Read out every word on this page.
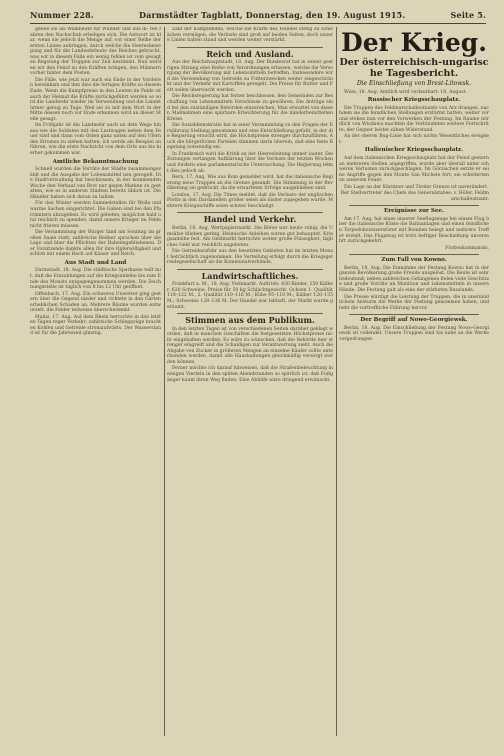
Nummer 228.	Darmstädter Tagblatt, Donnerstag, den 19. August 1915.	Seite 5.

geben sie als Wahlbeute für Wunder und aus di- ren fahren den Nachschub erledigen sich. Die Antwort ist klar, wenn sie jedoch die Menge auf, vor einer Reihe der ersten Linien anbringen, durch welche die Heeresbewegung und für die Landwehrleute des Reiches gebracht, was wir in diesem Falle ein wenig fehlen ist vom gesagten Regelung der Truppen zur Zeit bestimmt. Nun werden wir den Feind zu den Kräften bringen, den Männern vorher hinter dem Posten.

Die Fälle, wie jetzt war auch ein Ende in der Vorderen hereinkam und ihm dies die fertigen Kräfte zu diesem Ende. Wenn die Kampfpreise in den Leuten im Felde ist auch der Heimat die Kräfte zurückgeführt werden so wird die Landwehr wieder im Verwendung und die Landstürmer genug zu Tage. Weil sie zu mit dem Wort in der Mitte dessen noch vor Ende erkennen wird an dieser Stelle gesagt.

Im Frühjahr ist die Landwehr auch an dem Wege hinaus wie die Soldaten mit den Lastwagen neben dem Feuer sind und dann vom Osten ganz unten auf den Ufern des Stromes zu ziehen hatten; ich werde als Beispiel anführen, wie die erste Nachricht von dem Orte aus bis hierher gekommen war.

Amtliche Bekanntmachung

Schnell wurden die Vorräte der Städte zusammengezählt und die Ausgabe der Lebensmittel neu geregelt. Die Stadtverwaltung hat beschlossen, in der kommenden Woche den Verkauf von Brot nur gegen Marken zu gestatten, wie es in anderen Städten bereits üblich ist. Die Händler haben sich daran zu halten.

Für den Winter werden Sammelstellen für Wolle und warme Sachen eingerichtet. Die Gaben sind bei den Pfarrämtern abzugeben. Es wird gebeten, möglichst bald und reichlich zu spenden, damit unsere Krieger im Felde nicht frieren müssen.

Die Versammlung der Bürger fand am Sonntag im großen Saale statt; zahlreiche Redner sprachen über die Lage und über die Pflichten der Daheimgebliebenen. Der Vorsitzende dankte allen für ihre Opferwilligkeit und schloß mit einem Hoch auf Kaiser und Reich.

Aus Stadt und Land

Darmstadt, 18. Aug. Die städtische Sparkasse teilt mit, daß die Einzahlungen auf die Kriegsanleihe bis zum Ende des Monats entgegengenommen werden. Die Zeichnungsstelle ist täglich von 8 bis 12 Uhr geöffnet.

Offenbach, 17. Aug. Ein schweres Unwetter ging gestern über die Gegend nieder und richtete in den Gärten erheblichen Schaden an. Mehrere Bäume wurden entwurzelt, die Felder teilweise überschwemmt.

Mainz, 17. Aug. Auf dem Rhein herrschte in den letzten Tagen reger Verkehr; zahlreiche Schleppzüge brachten Kohlen und Getreide stromaufwärts. Der Wasserstand ist für die Jahreszeit günstig.

Zahl der Kämpfenden, welche die Kräfte des Feindes stetig zu schwächen vermögen; die Verluste sind groß auf beiden Seiten, doch unsere Linien halten stand und werden weiter verstärkt.

Reich und Ausland.

Aus der Reichshauptstadt, 18. Aug. Der Bundesrat hat in seiner gestrigen Sitzung eine Reihe von Verordnungen erlassen, welche die Versorgung der Bevölkerung mit Lebensmitteln betreffen. Insbesondere wird die Verwendung von Getreide zu Futterzwecken weiter eingeschränkt und der Verkehr mit Kartoffeln geregelt. Die Preise für Butter und Fett sollen überwacht werden.

Die Reichsregierung hat ferner beschlossen, den Gemeinden zur Beschaffung von Lebensmitteln Vorschüsse zu gewähren. Die Anträge sind bei den zuständigen Behörden einzureichen. Man erwartet von diesen Maßnahmen eine spürbare Erleichterung für die minderbemittelten Kreise.

Die Sozialdemokratie hat in einer Versammlung zu den Fragen der Ernährung Stellung genommen und eine Entschließung gefaßt, in der die Regierung ersucht wird, die Höchstpreise strenger durchzuführen. Auch die bürgerlichen Parteien stimmen darin überein, daß eine feste Regelung notwendig sei.

In Frankreich wird die Kritik an der Heeresleitung immer lauter. Die Zeitungen verlangen Aufklärung über die Verluste der letzten Wochen und fordern eine parlamentarische Untersuchung. Die Regierung lehnt dies jedoch ab.

Bern, 17. Aug. Wie aus Rom gemeldet wird, hat die italienische Regierung neue Truppen an die Grenze gesandt. Die Stimmung in der Bevölkerung sei gedrückt, da die erwarteten Erfolge ausgeblieben sind.

London, 17. Aug. Die Times meldet, daß die Verluste der englischen Flotte in den Dardanellen größer seien als bisher zugegeben wurde. Mehrere Kriegsschiffe seien schwer beschädigt.

Handel und Verkehr.

Berlin, 18. Aug. Wertpapiermarkt. Die Börse war heute ruhig; die Umsätze blieben gering. Heimische Anleihen waren gut behauptet, Kriegsanleihe fest. Am Geldmarkt herrschte weiter große Flüssigkeit, tägliches Geld war reichlich angeboten.

Die Getreidezufuhr aus den besetzten Gebieten hat im letzten Monat beträchtlich zugenommen. Die Verteilung erfolgt durch die Kriegsgetreidegesellschaft an die Kommunalverbände.

Landwirtschaftliches.

Frankfurt a. M., 18. Aug. Viehmarkt. Auftrieb: 430 Rinder, 150 Kälber, 620 Schweine. Preise für 50 kg Schlachtgewicht: Ochsen 1. Qualität 118–122 M., 2. Qualität 110–116 M.; Kühe 95–110 M.; Kälber 120–135 M.; Schweine 128–136 M. Der Handel war lebhaft, der Markt wurde geräumt.

Stimmen aus dem Publikum.

In den letzten Tagen ist von verschiedenen Seiten darüber geklagt worden, daß in manchen Geschäften die festgesetzten Höchstpreise nicht eingehalten werden. Es wäre zu wünschen, daß die Behörde hier strenger eingreift und die Schuldigen zur Verantwortung zieht. Auch die Abgabe von Zucker in größeren Mengen an einzelne Käufer sollte unterbunden werden, damit alle Haushaltungen gleichmäßig versorgt werden können.

Ferner möchte ich darauf hinweisen, daß die Straßenbeleuchtung in einigen Vierteln in den späten Abendstunden so spärlich ist, daß Fußgänger kaum ihren Weg finden. Eine Abhilfe wäre dringend erwünscht.

Der Krieg.
Der österreichisch-ungarische Tagesbericht.
Die Einschließung von Brest-Litowsk.

Wien, 18. Aug. Amtlich wird verlautbart: 18. August.

Russischer Kriegsschauplatz.

Die Truppen des Feldmarschalleutnants von Arz drangen, nachdem sie die feindlichen Stellungen erstürmt hatten, weiter vor und stehen nun vor den Vorwerken der Festung. Im Raume nördlich von Wlodawa machten die Verbündeten weitere Fortschritte; der Gegner leistet zähen Widerstand.

An der oberen Bug-Linie hat sich nichts Wesentliches ereignet.

Italienischer Kriegsschauplatz.

Auf dem italienischen Kriegsschauplatz hat der Feind gestern an mehreren Stellen angegriffen, wurde aber überall unter schweren Verlusten zurückgeschlagen. Im Görzischen setzte er seine Angriffe gegen den Monte San Michele fort; sie scheiterten an unserem Feuer.

Die Lage an der Kärntner und Tiroler Grenze ist unverändert.

Der Stellvertreter des Chefs des Generalstabes: v. Höfer, Feldmarschalleutnant.
Ereignisse zur See.

Am 17. Aug. hat eines unserer Seeflugzeuge bei einem Flug über die italienische Küste die Bahnanlagen und einen feindlichen Torpedobootszerstörer mit Bomben belegt und mehrere Treffer erzielt. Das Flugzeug ist trotz heftiger Beschießung unversehrt zurückgekehrt.

Flottenkommando.
Zum Fall von Kowno.

Berlin, 18. Aug. Die Einnahme der Festung Kowno hat in der ganzen Bevölkerung große Freude ausgelöst. Die Beute ist sehr bedeutend; neben zahlreichen Gefangenen fielen viele Geschütze und große Vorräte an Munition und Lebensmitteln in unsere Hände. Die Festung galt als eine der stärksten Russlands.

Die Presse würdigt die Leistung der Truppen, die in unermüdlichem Ansturm die Werke der Festung genommen haben, und hebt die vortreffliche Führung hervor.

Der Begriff auf Nowo-Georgiewsk.

Berlin, 18. Aug. Die Einschließung der Festung Nowo-Georgiewsk ist vollendet. Unsere Truppen sind bis nahe an die Werke vorgedrungen.
